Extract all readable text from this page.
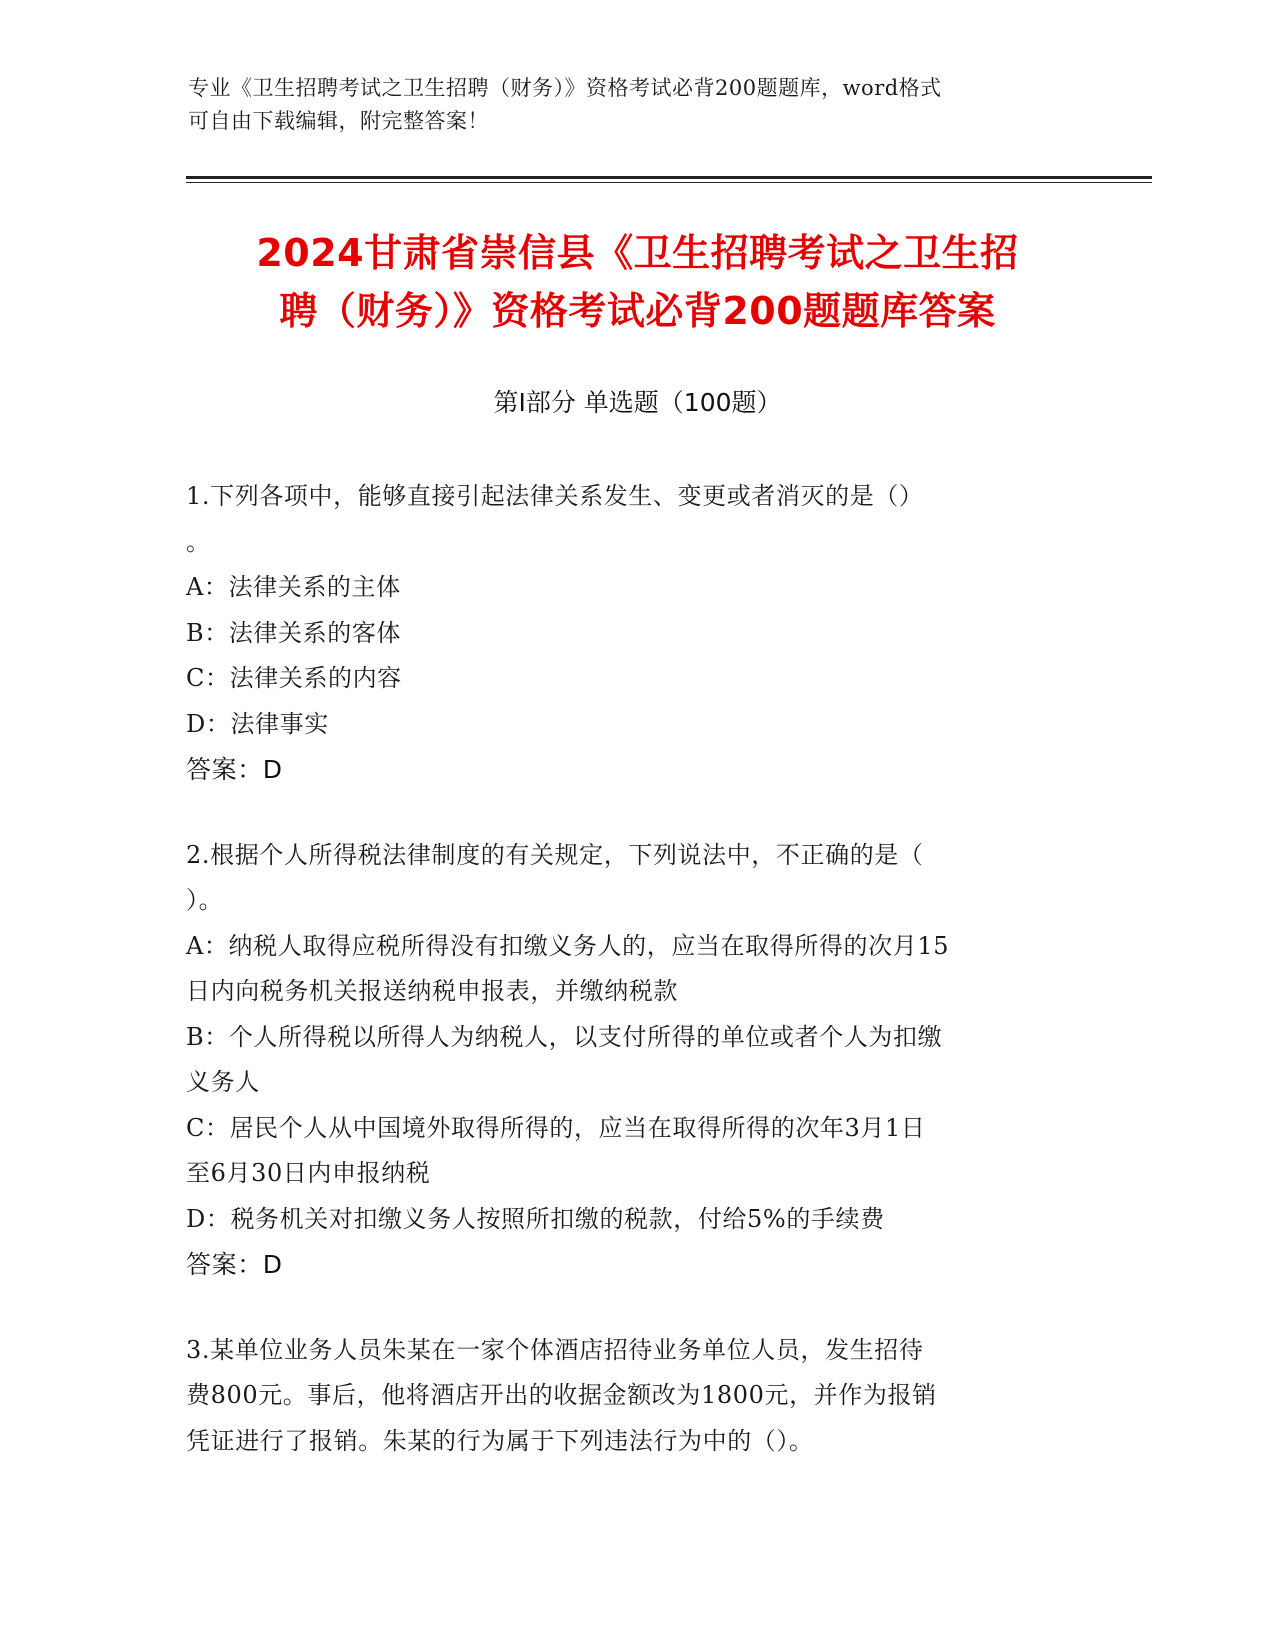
专业《卫生招聘考试之卫生招聘（财务）》资格考试必背200题题库，word格式
可自由下载编辑，附完整答案！
2024甘肃省崇信县《卫生招聘考试之卫生招
聘（财务）》资格考试必背200题题库答案
第Ⅰ部分 单选题（100题）
1.下列各项中，能够直接引起法律关系发生、变更或者消灭的是（）
。
A：法律关系的主体
B：法律关系的客体
C：法律关系的内容
D：法律事实
答案：D
2.根据个人所得税法律制度的有关规定，下列说法中，不正确的是（
）。
A：纳税人取得应税所得没有扣缴义务人的，应当在取得所得的次月15
日内向税务机关报送纳税申报表，并缴纳税款
B：个人所得税以所得人为纳税人，以支付所得的单位或者个人为扣缴
义务人
C：居民个人从中国境外取得所得的，应当在取得所得的次年3月1日
至6月30日内申报纳税
D：税务机关对扣缴义务人按照所扣缴的税款，付给5%的手续费
答案：D
3.某单位业务人员朱某在一家个体酒店招待业务单位人员，发生招待
费800元。事后，他将酒店开出的收据金额改为1800元，并作为报销
凭证进行了报销。朱某的行为属于下列违法行为中的（）。
